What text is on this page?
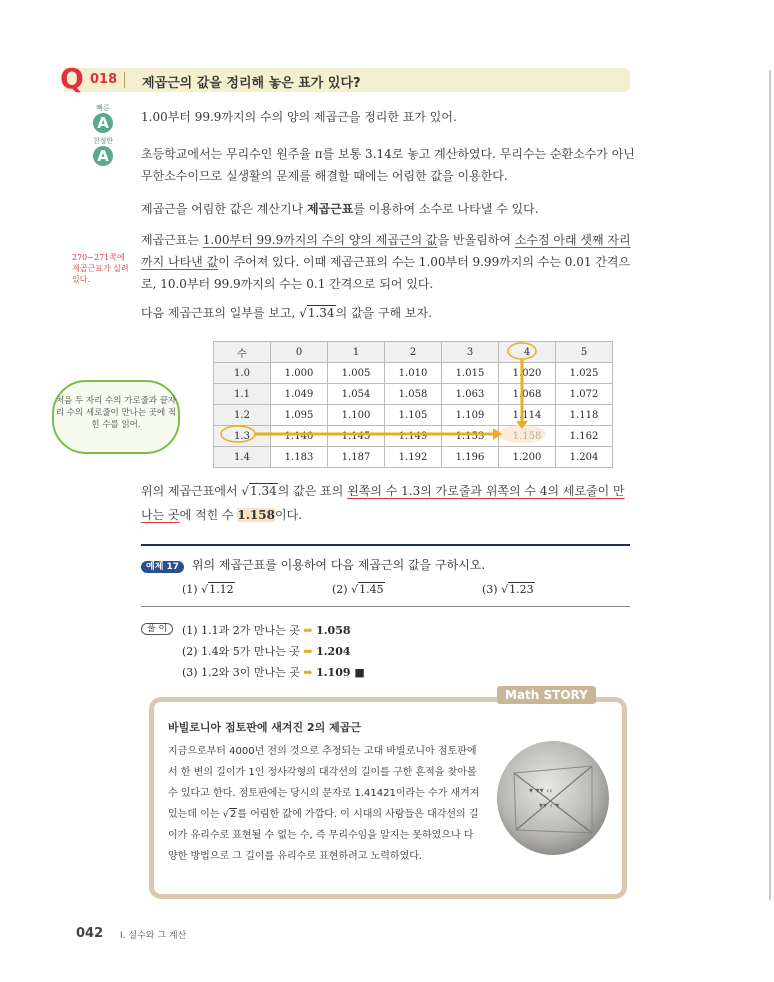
Q 018 제곱근의 값을 정리해 놓은 표가 있다?
빠른
A
친절한
A
1.00부터 99.9까지의 수의 양의 제곱근을 정리한 표가 있어.
초등학교에서는 무리수인 원주율 π를 보통 3.14로 놓고 계산하였다. 무리수는 순환소수가 아닌 무한소수이므로 실생활의 문제를 해결할 때에는 어림한 값을 이용한다.
제곱근을 어림한 값은 계산기나 제곱근표를 이용하여 소수로 나타낼 수 있다.
제곱근표는 1.00부터 99.9까지의 수의 양의 제곱근의 값을 반올림하여 소수점 아래 셋째 자리까지 나타낸 값이 주어져 있다. 이때 제곱근표의 수는 1.00부터 9.99까지의 수는 0.01 간격으로, 10.0부터 99.9까지의 수는 0.1 간격으로 되어 있다.
270~271쪽에 제곱근표가 실려 있다.
다음 제곱근표의 일부를 보고, √1.34의 값을 구해 보자.
수	0	1	2	3	4	5
1.0	1.000	1.005	1.010	1.015	1.020	1.025
1.1	1.049	1.054	1.058	1.063	1.068	1.072
1.2	1.095	1.100	1.105	1.109	1.114	1.118
1.3	1.140	1.145	1.149	1.153		1.162
1.4	1.183	1.187	1.192	1.196	1.200	1.204
처음 두 자리 수의 가로줄과 끝자리 수의 세로줄이 만나는 곳에 적힌 수를 읽어.
위의 제곱근표에서 √1.34의 값은 표의 왼쪽의 수 1.3의 가로줄과 위쪽의 수 4의 세로줄이 만나는 곳에 적힌 수 1.158이다.
예제 17 위의 제곱근표를 이용하여 다음 제곱근의 값을 구하시오.
(1) √1.12	(2) √1.45	(3) √1.23
풀 이	(1) 1.1과 2가 만나는 곳 ➡ 1.058
(2) 1.4와 5가 만나는 곳 ➡ 1.204
(3) 1.2와 3이 만나는 곳 ➡ 1.109 ■
Math STORY
바빌로니아 점토판에 새겨진 2의 제곱근
지금으로부터 4000년 전의 것으로 추정되는 고대 바빌로니아 점토판에서 한 변의 길이가 1인 정사각형의 대각선의 길이를 구한 흔적을 찾아볼 수 있다고 한다. 점토판에는 당시의 문자로 1.41421이라는 수가 새겨져 있는데 이는 √2를 어림한 값에 가깝다. 이 시대의 사람들은 대각선의 길이가 유리수로 표현될 수 없는 수, 즉 무리수임을 알지는 못하였으나 다양한 방법으로 그 길이를 유리수로 표현하려고 노력하였다.
▾ ▾▾ ‹‹
▾▾ ‹ ▾
042 Ⅰ. 실수와 그 계산
